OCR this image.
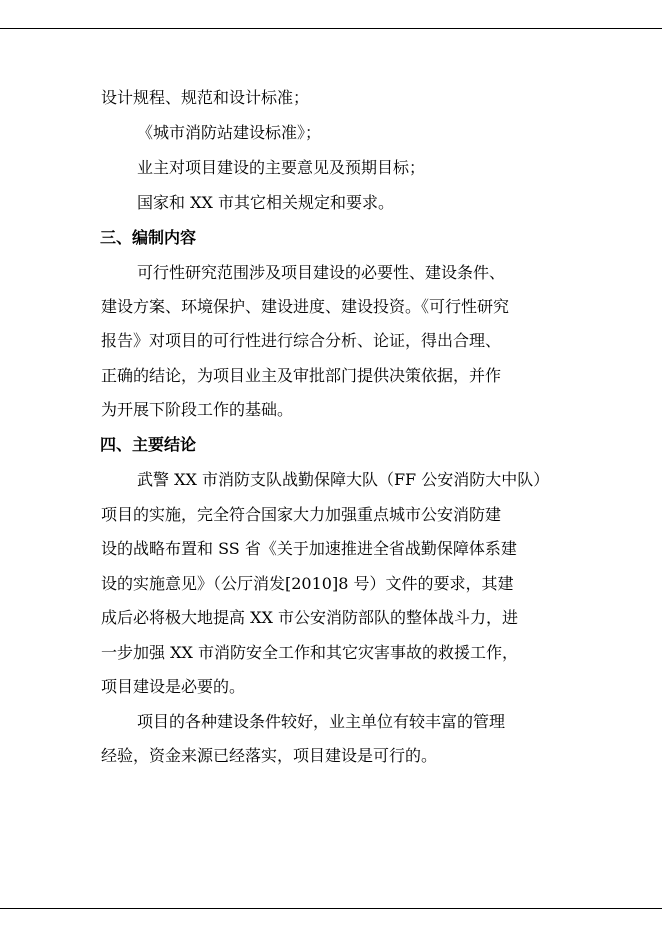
设计规程、规范和设计标准；
《城市消防站建设标准》；
业主对项目建设的主要意见及预期目标；
国家和 XX 市其它相关规定和要求。
三、编制内容
可行性研究范围涉及项目建设的必要性、建设条件、
建设方案、环境保护、建设进度、建设投资。《可行性研究
报告》对项目的可行性进行综合分析、论证，得出合理、
正确的结论，为项目业主及审批部门提供决策依据，并作
为开展下阶段工作的基础。
四、主要结论
武警 XX 市消防支队战勤保障大队（FF 公安消防大中队）
项目的实施，完全符合国家大力加强重点城市公安消防建
设的战略布置和 SS 省《关于加速推进全省战勤保障体系建
设的实施意见》（公厅消发[2010]8 号）文件的要求，其建
成后必将极大地提高 XX 市公安消防部队的整体战斗力，进
一步加强 XX 市消防安全工作和其它灾害事故的救援工作，
项目建设是必要的。
项目的各种建设条件较好，业主单位有较丰富的管理
经验，资金来源已经落实，项目建设是可行的。
